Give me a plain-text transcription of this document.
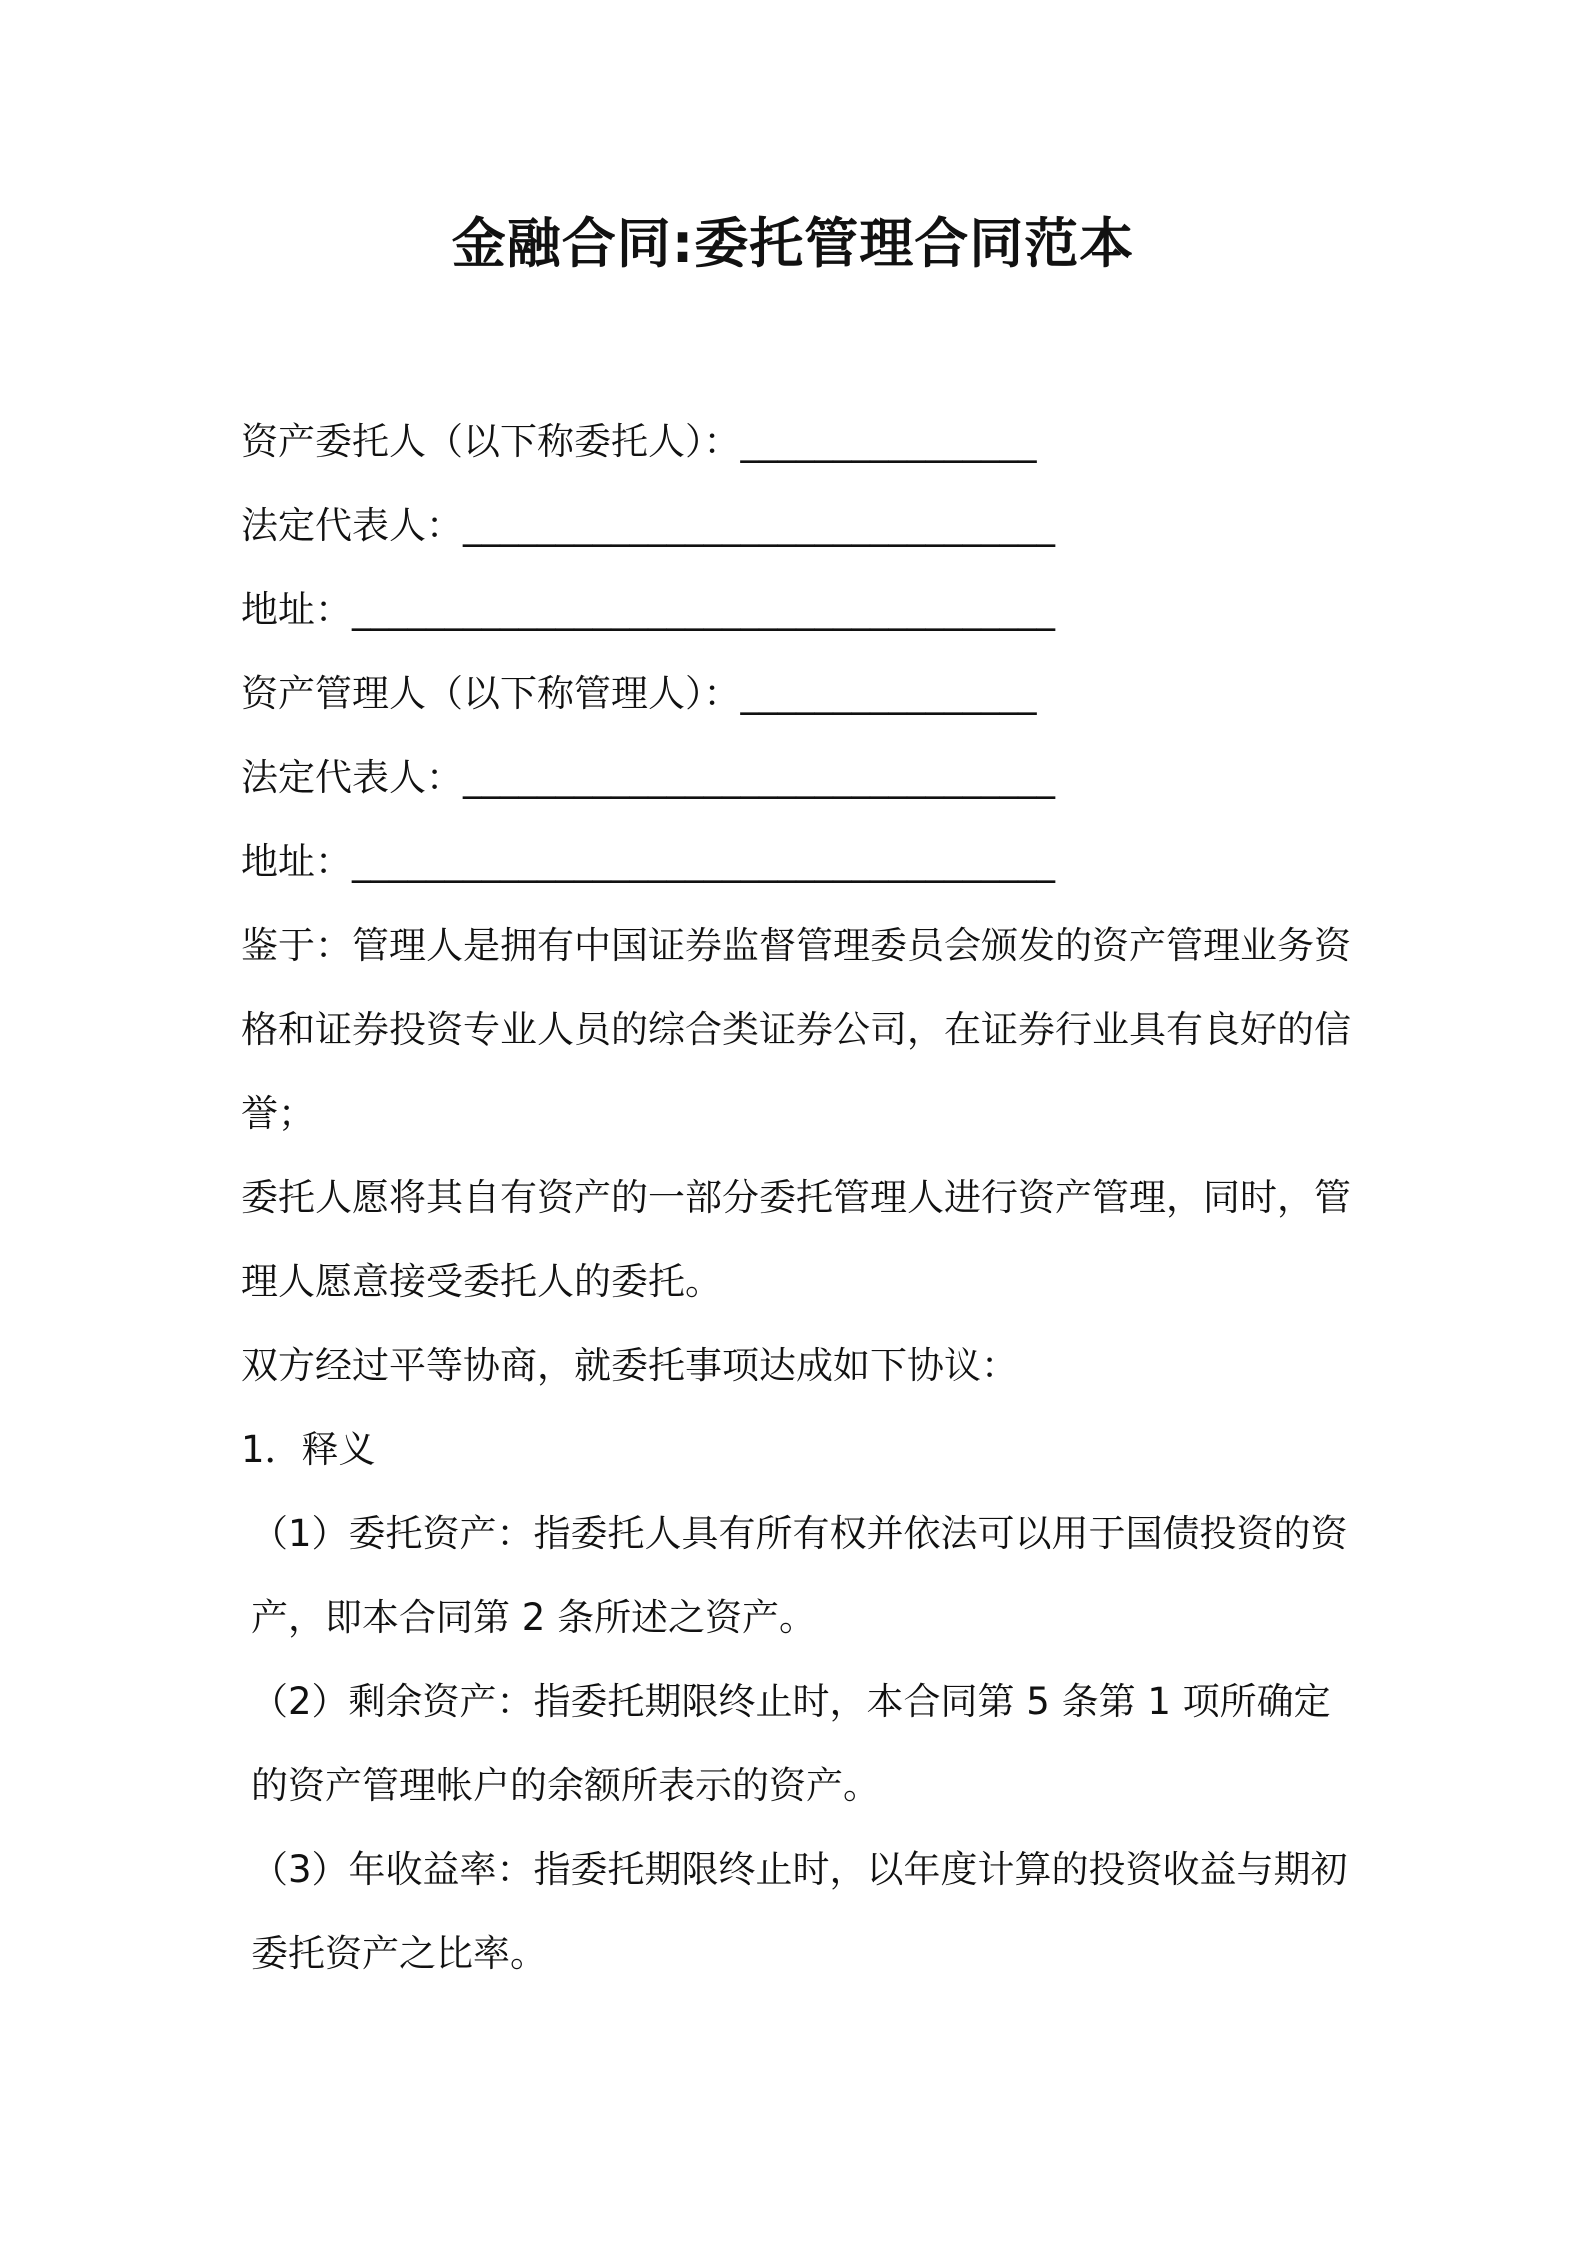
金融合同:委托管理合同范本
资产委托人（以下称委托人）：________________
法定代表人：________________________________
地址：______________________________________
资产管理人（以下称管理人）：________________
法定代表人：________________________________
地址：______________________________________
鉴于：管理人是拥有中国证券监督管理委员会颁发的资产管理业务资格和证券投资专业人员的综合类证券公司，在证券行业具有良好的信誉；
委托人愿将其自有资产的一部分委托管理人进行资产管理，同时，管理人愿意接受委托人的委托。
双方经过平等协商，就委托事项达成如下协议：
1．释义
（1）委托资产：指委托人具有所有权并依法可以用于国债投资的资产，即本合同第 2 条所述之资产。
（2）剩余资产：指委托期限终止时，本合同第 5 条第 1 项所确定的资产管理帐户的余额所表示的资产。
（3）年收益率：指委托期限终止时，以年度计算的投资收益与期初委托资产之比率。
